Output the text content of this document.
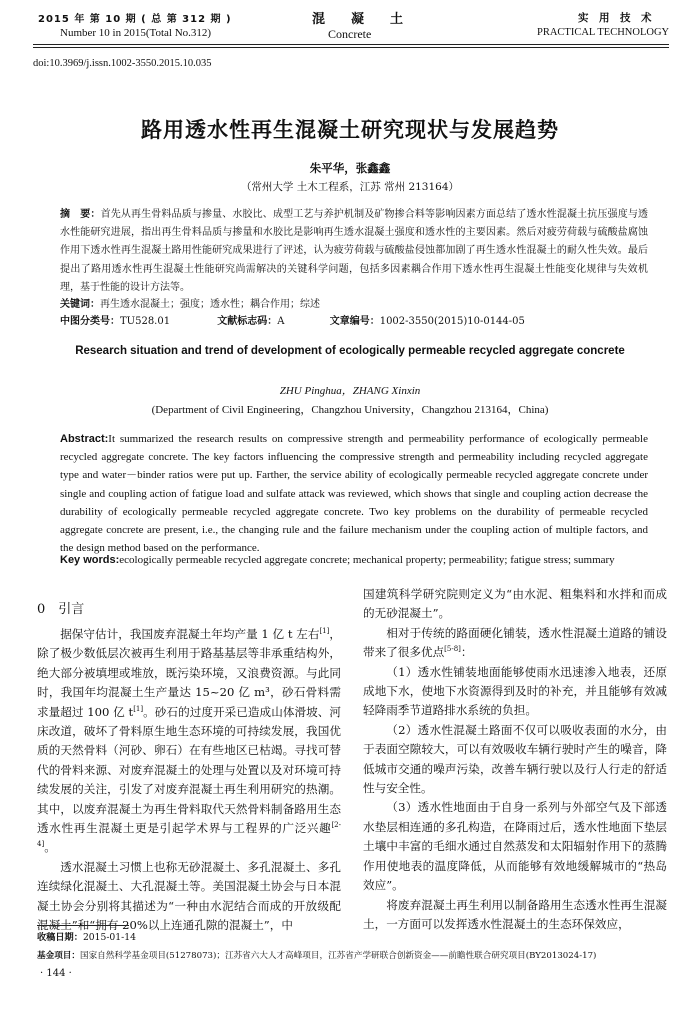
2015 年 第 10 期 ( 总 第 312 期 )
Number 10 in 2015(Total No.312)
混　　凝　　土
Concrete
实　用　技　术
PRACTICAL TECHNOLOGY
doi:10.3969/j.issn.1002-3550.2015.10.035
路用透水性再生混凝土研究现状与发展趋势
朱平华，张鑫鑫
（常州大学 土木工程系，江苏 常州 213164）
摘　要：首先从再生骨料品质与掺量、水胶比、成型工艺与养护机制及矿物掺合料等影响因素方面总结了透水性混凝土抗压强度与透水性能研究进展，指出再生骨料品质与掺量和水胶比是影响再生透水混凝土强度和透水性的主要因素。然后对疲劳荷载与硫酸盐腐蚀作用下透水性再生混凝土路用性能研究成果进行了评述，认为疲劳荷载与硫酸盐侵蚀都加剧了再生透水性混凝土的耐久性失效。最后提出了路用透水性再生混凝土性能研究尚需解决的关键科学问题，包括多因素耦合作用下透水性再生混凝土性能变化规律与失效机理，基于性能的设计方法等。
关键词：再生透水混凝土；强度；透水性；耦合作用；综述
中图分类号：TU528.01	文献标志码：A	文章编号：1002-3550(2015)10-0144-05
Research situation and trend of development of ecologically permeable recycled aggregate concrete
ZHU Pinghua，ZHANG Xinxin
(Department of Civil Engineering，Changzhou University，Changzhou 213164，China)
Abstract:It summarized the research results on compressive strength and permeability performance of ecologically permeable recycled aggregate concrete. The key factors influencing the compressive strength and permeability including recycled aggregate type and water－binder ratios were put up. Farther, the service ability of ecologically permeable recycled aggregate concrete under single and coupling action of fatigue load and sulfate attack was reviewed, which shows that single and coupling action decrease the durability of ecologically permeable recycled aggregate concrete. Two key problems on the durability of permeable recycled aggregate concrete are present, i.e., the changing rule and the failure mechanism under the coupling action of multiple factors, and the design method based on the performance.
Key words:ecologically permeable recycled aggregate concrete; mechanical property; permeability; fatigue stress; summary
0　引言

据保守估计，我国废弃混凝土年均产量 1 亿 t 左右[1]，除了极少数低层次被再生利用于路基基层等非承重结构外，绝大部分被填埋或堆放，既污染环境，又浪费资源。与此同时，我国年均混凝土生产量达 15~20 亿 m³，砂石骨料需求量超过 100 亿 t[1]。砂石的过度开采已造成山体滑坡、河床改道，破坏了骨料原生地生态环境的可持续发展，我国优质的天然骨料（河砂、卵石）在有些地区已枯竭。寻找可替代的骨料来源、对废弃混凝土的处理与处置以及对环境可持续发展的关注，引发了对废弃混凝土再生利用研究的热潮。其中，以废弃混凝土为再生骨料取代天然骨料制备路用生态透水性再生混凝土更是引起学术界与工程界的广泛兴趣[2-4]。

透水混凝土习惯上也称无砂混凝土、多孔混凝土、多孔连续绿化混凝土、大孔混凝土等。美国混凝土协会与日本混凝土协会分别将其描述为“一种由水泥结合而成的开放级配混凝土”和“拥有 20%以上连通孔隙的混凝土”，中

国建筑科学研究院则定义为“由水泥、粗集料和水拌和而成的无砂混凝土”。

相对于传统的路面硬化铺装，透水性混凝土道路的铺设带来了很多优点[5-8]：

（1）透水性铺装地面能够使雨水迅速渗入地表，还原成地下水，使地下水资源得到及时的补充，并且能够有效减轻降雨季节道路排水系统的负担。

（2）透水性混凝土路面不仅可以吸收表面的水分，由于表面空隙较大，可以有效吸收车辆行驶时产生的噪音，降低城市交通的噪声污染，改善车辆行驶以及行人行走的舒适性与安全性。

（3）透水性地面由于自身一系列与外部空气及下部透水垫层相连通的多孔构造，在降雨过后，透水性地面下垫层土壤中丰富的毛细水通过自然蒸发和太阳辐射作用下的蒸腾作用使地表的温度降低，从而能够有效地缓解城市的“热岛效应”。

将废弃混凝土再生利用以制备路用生态透水性再生混凝土，一方面可以发挥透水性混凝土的生态环保效应，

收稿日期：2015-01-14
基金项目：国家自然科学基金项目(51278073)；江苏省六大人才高峰项目，江苏省产学研联合创新资金——前瞻性联合研究项目(BY2013024-17)
· 144 ·
